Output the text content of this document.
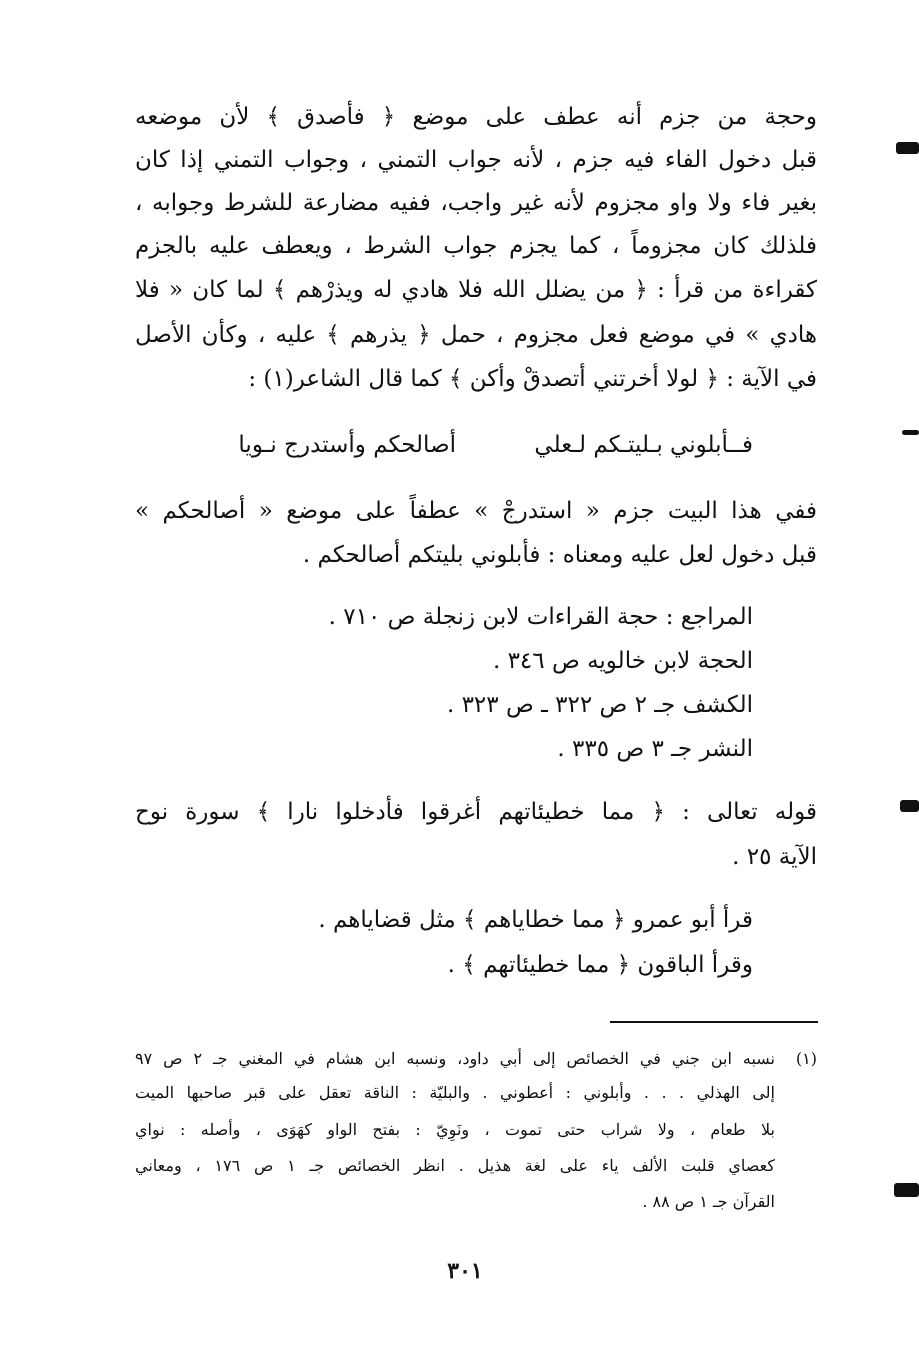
وحجة من جزم أنه عطف على موضع ﴿ فأصدق ﴾ لأن موضعه
قبل دخول الفاء فيه جزم ، لأنه جواب التمني ، وجواب التمني إذا كان
بغير فاء ولا واو مجزوم لأنه غير واجب، ففيه مضارعة للشرط وجوابه ،
فلذلك كان مجزوماً ، كما يجزم جواب الشرط ، ويعطف عليه بالجزم
كقراءة من قرأ : ﴿ من يضلل الله فلا هادي له ويذرْهم ﴾ لما كان « فلا
هادي » في موضع فعل مجزوم ، حمل ﴿ يذرهم ﴾ عليه ، وكأن الأصل
في الآية : ﴿ لولا أخرتني أتصدقْ وأكن ﴾ كما قال الشاعر(١) :
فــأبلوني بـليتـكم لـعلي
أصالحكم وأستدرج نـويا
ففي هذا البيت جزم « استدرجْ » عطفاً على موضع « أصالحكم »
قبل دخول لعل عليه ومعناه : فأبلوني بليتكم أصالحكم .
المراجع : حجة القراءات لابن زنجلة ص ٧١٠ .
الحجة لابن خالويه ص ٣٤٦ .
الكشف جـ ٢ ص ٣٢٢ ـ ص ٣٢٣ .
النشر جـ ٣ ص ٣٣٥ .
قوله تعالى : ﴿ مما خطيئاتهم أغرقوا فأدخلوا نارا ﴾ سورة نوح
الآية ٢٥ .
قرأ أبو عمرو ﴿ مما خطاياهم ﴾ مثل قضاياهم .
وقرأ الباقون ﴿ مما خطيئاتهم ﴾ .
(١)
نسبه ابن جني في الخصائص إلى أبي داود، ونسبه ابن هشام في المغني جـ ٢ ص ٩٧
إلى الهذلي . . . وأبلوني : أعطوني . والبليّة : الناقة تعقل على قبر صاحبها الميت
بلا طعام ، ولا شراب حتى تموت ، ونَوِيّ : بفتح الواو كهَوَى ، وأصله : نواي
كعصاي قلبت الألف ياء على لغة هذيل . انظر الخصائص جـ ١ ص ١٧٦ ، ومعاني
القرآن جـ ١ ص ٨٨ .
٣٠١
